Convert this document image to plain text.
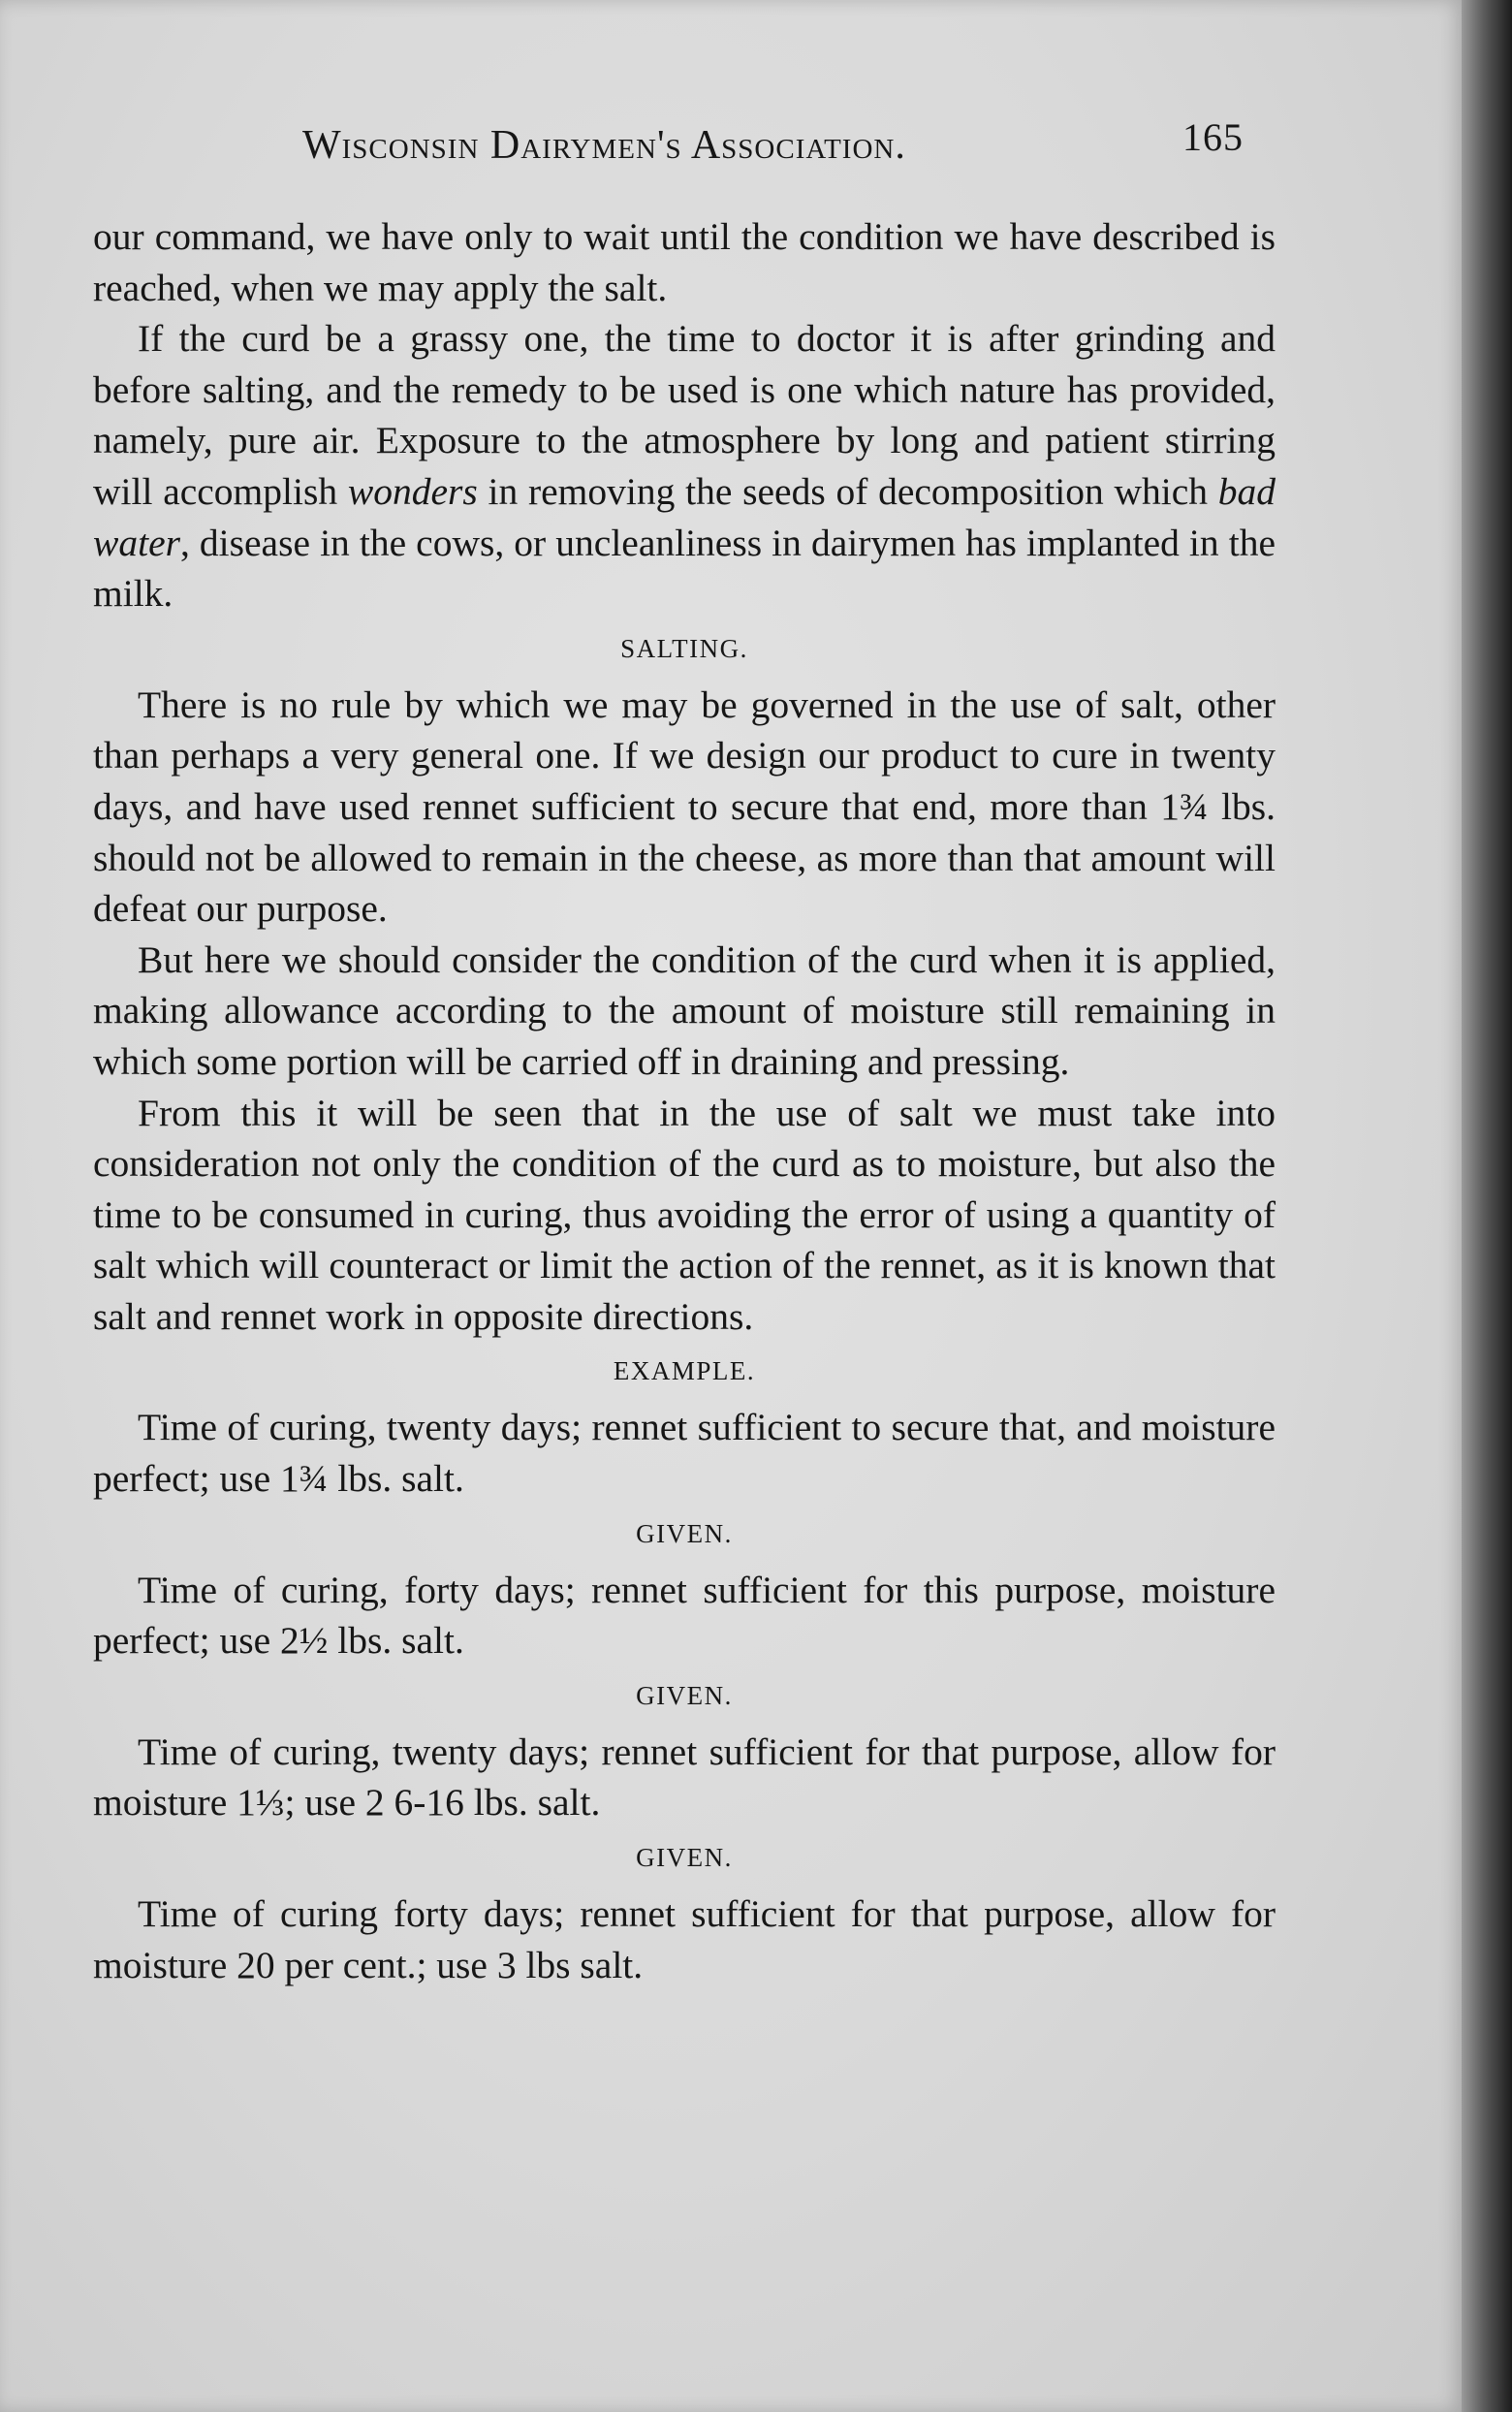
Wisconsin Dairymen's Association.	165

our command, we have only to wait until the condition we have described is reached, when we may apply the salt.

If the curd be a grassy one, the time to doctor it is after grinding and before salting, and the remedy to be used is one which nature has provided, namely, pure air. Exposure to the atmosphere by long and patient stirring will accomplish wonders in removing the seeds of decomposition which bad water, disease in the cows, or uncleanliness in dairymen has implanted in the milk.

SALTING.

There is no rule by which we may be governed in the use of salt, other than perhaps a very general one. If we design our product to cure in twenty days, and have used rennet sufficient to secure that end, more than 1¾ lbs. should not be allowed to remain in the cheese, as more than that amount will defeat our purpose.

But here we should consider the condition of the curd when it is applied, making allowance according to the amount of moisture still remaining in which some portion will be carried off in draining and pressing.

From this it will be seen that in the use of salt we must take into consideration not only the condition of the curd as to moisture, but also the time to be consumed in curing, thus avoiding the error of using a quantity of salt which will counteract or limit the action of the rennet, as it is known that salt and rennet work in opposite directions.

EXAMPLE.

Time of curing, twenty days; rennet sufficient to secure that, and moisture perfect; use 1¾ lbs. salt.

GIVEN.

Time of curing, forty days; rennet sufficient for this purpose, moisture perfect; use 2½ lbs. salt.

GIVEN.

Time of curing, twenty days; rennet sufficient for that purpose, allow for moisture 1⅓; use 2 6-16 lbs. salt.

GIVEN.

Time of curing forty days; rennet sufficient for that purpose, allow for moisture 20 per cent.; use 3 lbs salt.
